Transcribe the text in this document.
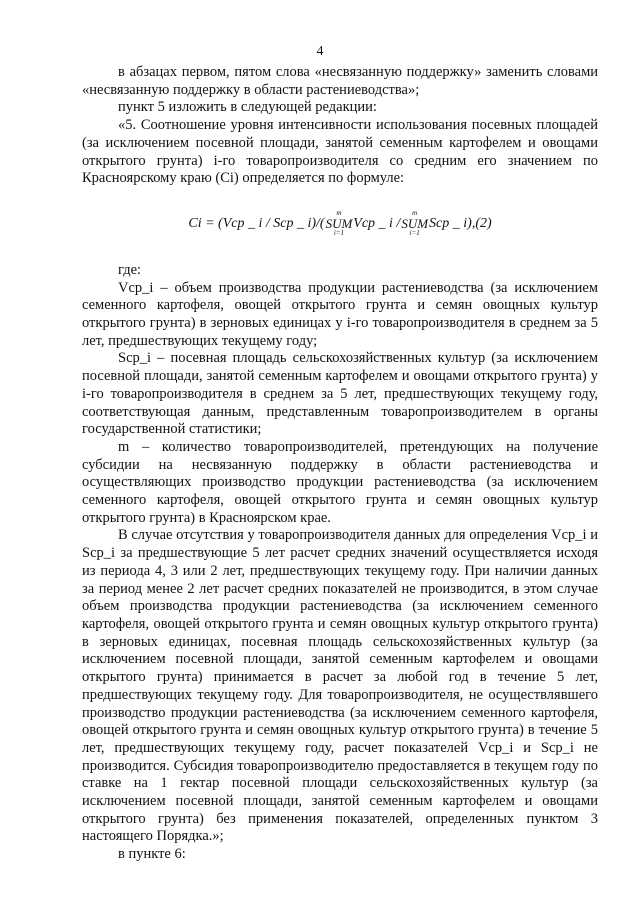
4

в абзацах первом, пятом слова «несвязанную поддержку» заменить словами «несвязанную поддержку в области растениеводства»;

пункт 5 изложить в следующей редакции:

«5. Соотношение уровня интенсивности использования посевных площадей (за исключением посевной площади, занятой семенным картофелем и овощами открытого грунта) i-го товаропроизводителя со средним его значением по Красноярскому краю (Ci) определяется по формуле:

Ci = (Vcp _ i / Scp _ i)/(
m
SUM
i=1
Vcp _ i /
m
SUM
i=1
Scp _ i),(2)

где:

Vcp_i – объем производства продукции растениеводства (за исключением семенного картофеля, овощей открытого грунта и семян овощных культур открытого грунта) в зерновых единицах у i-го товаропроизводителя в среднем за 5 лет, предшествующих текущему году;

Scp_i – посевная площадь сельскохозяйственных культур (за исключением посевной площади, занятой семенным картофелем и овощами открытого грунта) у i-го товаропроизводителя в среднем за 5 лет, предшествующих текущему году, соответствующая данным, представленным товаропроизводителем в органы государственной статистики;

m – количество товаропроизводителей, претендующих на получение субсидии на несвязанную поддержку в области растениеводства и осуществляющих производство продукции растениеводства (за исключением семенного картофеля, овощей открытого грунта и семян овощных культур открытого грунта) в Красноярском крае.

В случае отсутствия у товаропроизводителя данных для определения Vcp_i и Scp_i за предшествующие 5 лет расчет средних значений осуществляется исходя из периода 4, 3 или 2 лет, предшествующих текущему году. При наличии данных за период менее 2 лет расчет средних показателей не производится, в этом случае объем производства продукции растениеводства (за исключением семенного картофеля, овощей открытого грунта и семян овощных культур открытого грунта) в зерновых единицах, посевная площадь сельскохозяйственных культур (за исключением посевной площади, занятой семенным картофелем и овощами открытого грунта) принимается в расчет за любой год в течение 5 лет, предшествующих текущему году. Для товаропроизводителя, не осуществлявшего производство продукции растениеводства (за исключением семенного картофеля, овощей открытого грунта и семян овощных культур открытого грунта) в течение 5 лет, предшествующих текущему году, расчет показателей Vcp_i и Scp_i не производится. Субсидия товаропроизводителю предоставляется в текущем году по ставке на 1 гектар посевной площади сельскохозяйственных культур (за исключением посевной площади, занятой семенным картофелем и овощами открытого грунта) без применения показателей, определенных пунктом 3 настоящего Порядка.»;

в пункте 6:
